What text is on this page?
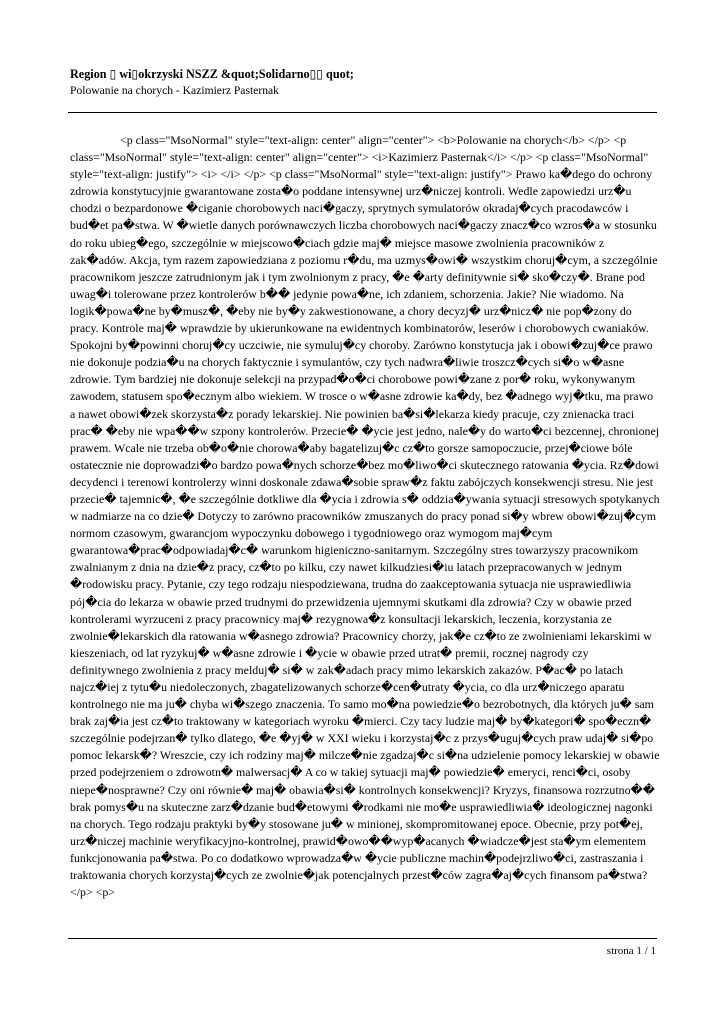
Region ▯ wi▯okrzyski NSZZ &quot;Solidarno▯▯ quot;
Polowanie na chorych - Kazimierz Pasternak

<p class="MsoNormal" style="text-align: center" align="center"> <b>Polowanie na chorych</b> </p> <p class="MsoNormal" style="text-align: center" align="center"> <i>Kazimierz Pasternak</i> </p> <p class="MsoNormal" style="text-align: justify"> <i> </i> </p> <p class="MsoNormal" style="text-align: justify"> Prawo ka�dego do ochrony zdrowia konstytucyjnie gwarantowane zosta�o poddane intensywnej urz�niczej kontroli. Wedle zapowiedzi urz�u chodzi o bezpardonowe �ciganie chorobowych naci�gaczy, sprytnych symulatorów okradaj�cych pracodawców i bud�et pa�stwa. W �wietle danych porównawczych liczba chorobowych naci�gaczy znacz�co wzros�a w stosunku do roku ubieg�ego, szczególnie w miejscowo�ciach gdzie maj� miejsce masowe zwolnienia pracowników z zak�adów. Akcja, tym razem zapowiedziana z poziomu r�du, ma uzmys�owi� wszystkim choruj�cym, a szczególnie pracownikom jeszcze zatrudnionym jak i tym zwolnionym z pracy, �e �arty definitywnie si� sko�czy�. Brane pod uwag�i tolerowane przez kontrolerów b�� jedynie powa�ne, ich zdaniem, schorzenia. Jakie? Nie wiadomo. Na logik�powa�ne by�musz�, �eby nie by�y zakwestionowane, a chory decyzj� urz�nicz� nie pop�zony do pracy. Kontrole maj� wprawdzie by ukierunkowane na ewidentnych kombinatorów, leserów i chorobowych cwaniaków. Spokojni by�powinni choruj�cy uczciwie, nie symuluj�cy choroby. Zarówno konstytucja jak i obowi�zuj�ce prawo nie dokonuje podzia�u na chorych faktycznie i symulantów, czy tych nadwra�liwie troszcz�cych si�o w�asne zdrowie. Tym bardziej nie dokonuje selekcji na przypad�o�ci chorobowe powi�zane z por� roku, wykonywanym zawodem, statusem spo�ecznym albo wiekiem. W trosce o w�asne zdrowie ka�dy, bez �adnego wyj�tku, ma prawo a nawet obowi�zek skorzysta�z porady lekarskiej. Nie powinien ba�si�lekarza kiedy pracuje, czy znienacka traci prac� �eby nie wpa��w szpony kontrolerów. Przecie� �ycie jest jedno, nale�y do warto�ci bezcennej, chronionej prawem. Wcale nie trzeba ob�o�nie chorowa�aby bagatelizuj�c cz�to gorsze samopoczucie, przej�ciowe bóle ostatecznie nie doprowadzi�o bardzo powa�nych schorze�bez mo�liwo�ci skutecznego ratowania �ycia. Rz�dowi decydenci i terenowi kontrolerzy winni doskonale zdawa�sobie spraw�z faktu zabójczych konsekwencji stresu. Nie jest przecie� tajemnic�, �e szczególnie dotkliwe dla �ycia i zdrowia s� oddzia�ywania sytuacji stresowych spotykanych w nadmiarze na co dzie� Dotyczy to zarówno pracowników zmuszanych do pracy ponad si�y wbrew obowi�zuj�cym normom czasowym, gwarancjom wypoczynku dobowego i tygodniowego oraz wymogom maj�cym gwarantowa�prac�odpowiadaj�c� warunkom higieniczno-sanitarnym. Szczególny stres towarzyszy pracownikom zwalnianym z dnia na dzie�z pracy, cz�to po kilku, czy nawet kilkudziesi�iu latach przepracowanych w jednym �rodowisku pracy. Pytanie, czy tego rodzaju niespodziewana, trudna do zaakceptowania sytuacja nie usprawiedliwia pój�cia do lekarza w obawie przed trudnymi do przewidzenia ujemnymi skutkami dla zdrowia? Czy w obawie przed kontrolerami wyrzuceni z pracy pracownicy maj� rezygnowa�z konsultacji lekarskich, leczenia, korzystania ze zwolnie�lekarskich dla ratowania w�asnego zdrowia? Pracownicy chorzy, jak�e cz�to ze zwolnieniami lekarskimi w kieszeniach, od lat ryzykuj� w�asne zdrowie i �ycie w obawie przed utrat� premii, rocznej nagrody czy definitywnego zwolnienia z pracy melduj� si� w zak�adach pracy mimo lekarskich zakazów. P�ac� po latach najcz�iej z tytu�u niedoleczonych, zbagatelizowanych schorze�cen�utraty �ycia, co dla urz�niczego aparatu kontrolnego nie ma ju� chyba wi�szego znaczenia. To samo mo�na powiedzie�o bezrobotnych, dla których ju� sam brak zaj�ia jest cz�to traktowany w kategoriach wyroku �mierci. Czy tacy ludzie maj� by�kategori� spo�eczn� szczególnie podejrzan� tylko dlatego, �e �yj� w XXI wieku i korzystaj�c z przys�uguj�cych praw udaj� si�po pomoc lekarsk�? Wreszcie, czy ich rodziny maj� milcze�nie zgadzaj�c si�na udzielenie pomocy lekarskiej w obawie przed podejrzeniem o zdrowotn� malwersacj� A co w takiej sytuacji maj� powiedzie� emeryci, renci�ci, osoby niepe�nosprawne? Czy oni równie� maj� obawia�si� kontrolnych konsekwencji? Kryzys, finansowa rozrzutno�� brak pomys�u na skuteczne zarz�dzanie bud�etowymi �rodkami nie mo�e usprawiedliwia� ideologicznej nagonki na chorych. Tego rodzaju praktyki by�y stosowane ju� w minionej, skompromitowanej epoce. Obecnie, przy pot�ej, urz�niczej machinie weryfikacyjno-kontrolnej, prawid�owo��wyp�acanych �wiadcze�jest sta�ym elementem funkcjonowania pa�stwa. Po co dodatkowo wprowadza�w �ycie publiczne machin�podejrzliwo�ci, zastraszania i traktowania chorych korzystaj�cych ze zwolnie�jak potencjalnych przest�ców zagra�aj�cych finansom pa�stwa? </p> <p>

strona 1 / 1
